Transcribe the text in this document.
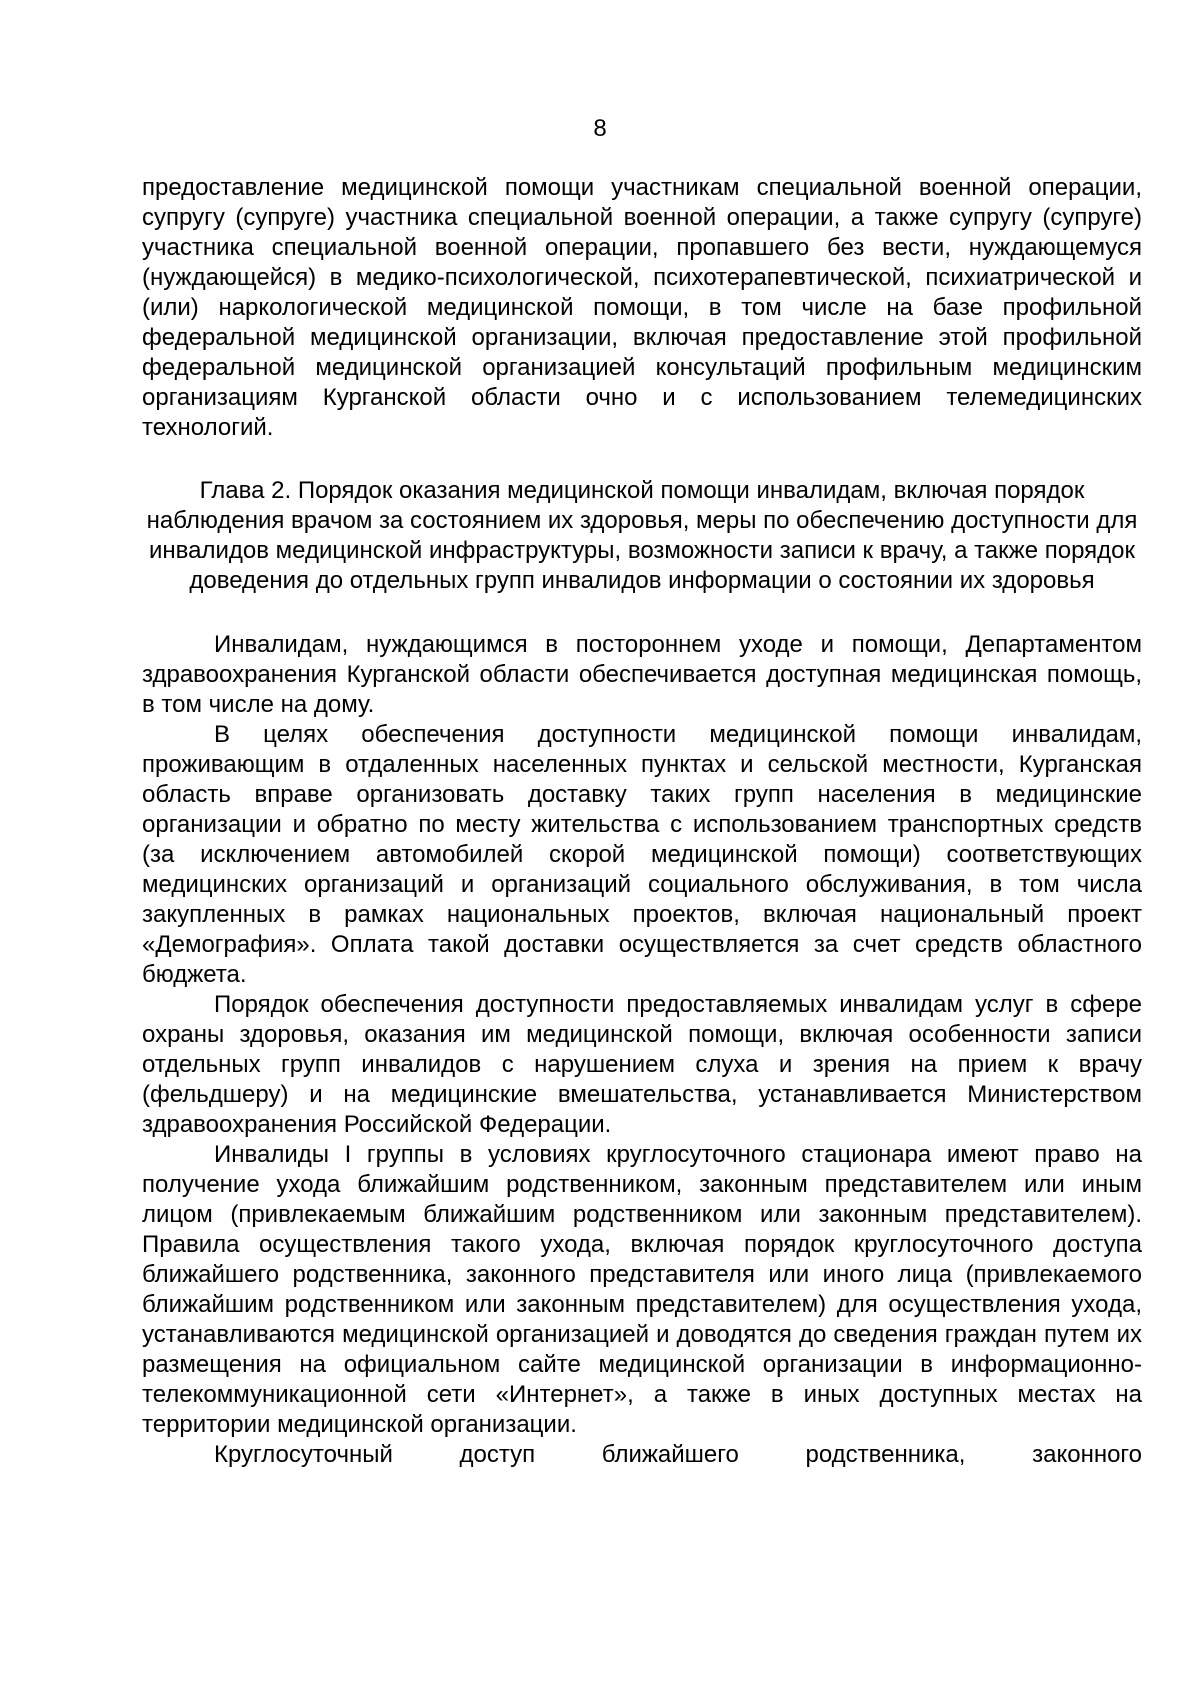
8

предоставление медицинской помощи участникам специальной военной операции, супругу (супруге) участника специальной военной операции, а также супругу (супруге) участника специальной военной операции, пропавшего без вести, нуждающемуся (нуждающейся) в медико-психологической, психотерапевтической, психиатрической и (или) наркологической медицинской помощи, в том числе на базе профильной федеральной медицинской организации, включая предоставление этой профильной федеральной медицинской организацией консультаций профильным медицинским организациям Курганской области очно и с использованием телемедицинских технологий.

Глава 2. Порядок оказания медицинской помощи инвалидам, включая порядок наблюдения врачом за состоянием их здоровья, меры по обеспечению доступности для инвалидов медицинской инфраструктуры, возможности записи к врачу, а также порядок доведения до отдельных групп инвалидов информации о состоянии их здоровья

Инвалидам, нуждающимся в постороннем уходе и помощи, Департаментом здравоохранения Курганской области обеспечивается доступная медицинская помощь, в том числе на дому.

В целях обеспечения доступности медицинской помощи инвалидам, проживающим в отдаленных населенных пунктах и сельской местности, Курганская область вправе организовать доставку таких групп населения в медицинские организации и обратно по месту жительства с использованием транспортных средств (за исключением автомобилей скорой медицинской помощи) соответствующих медицинских организаций и организаций социального обслуживания, в том числа закупленных в рамках национальных проектов, включая национальный проект «Демография». Оплата такой доставки осуществляется за счет средств областного бюджета.

Порядок обеспечения доступности предоставляемых инвалидам услуг в сфере охраны здоровья, оказания им медицинской помощи, включая особенности записи отдельных групп инвалидов с нарушением слуха и зрения на прием к врачу (фельдшеру) и на медицинские вмешательства, устанавливается Министерством здравоохранения Российской Федерации.

Инвалиды I группы в условиях круглосуточного стационара имеют право на получение ухода ближайшим родственником, законным представителем или иным лицом (привлекаемым ближайшим родственником или законным представителем). Правила осуществления такого ухода, включая порядок круглосуточного доступа ближайшего родственника, законного представителя или иного лица (привлекаемого ближайшим родственником или законным представителем) для осуществления ухода, устанавливаются медицинской организацией и доводятся до сведения граждан путем их размещения на официальном сайте медицинской организации в информационно-телекоммуникационной сети «Интернет», а также в иных доступных местах на территории медицинской организации.

Круглосуточный доступ ближайшего родственника, законного
